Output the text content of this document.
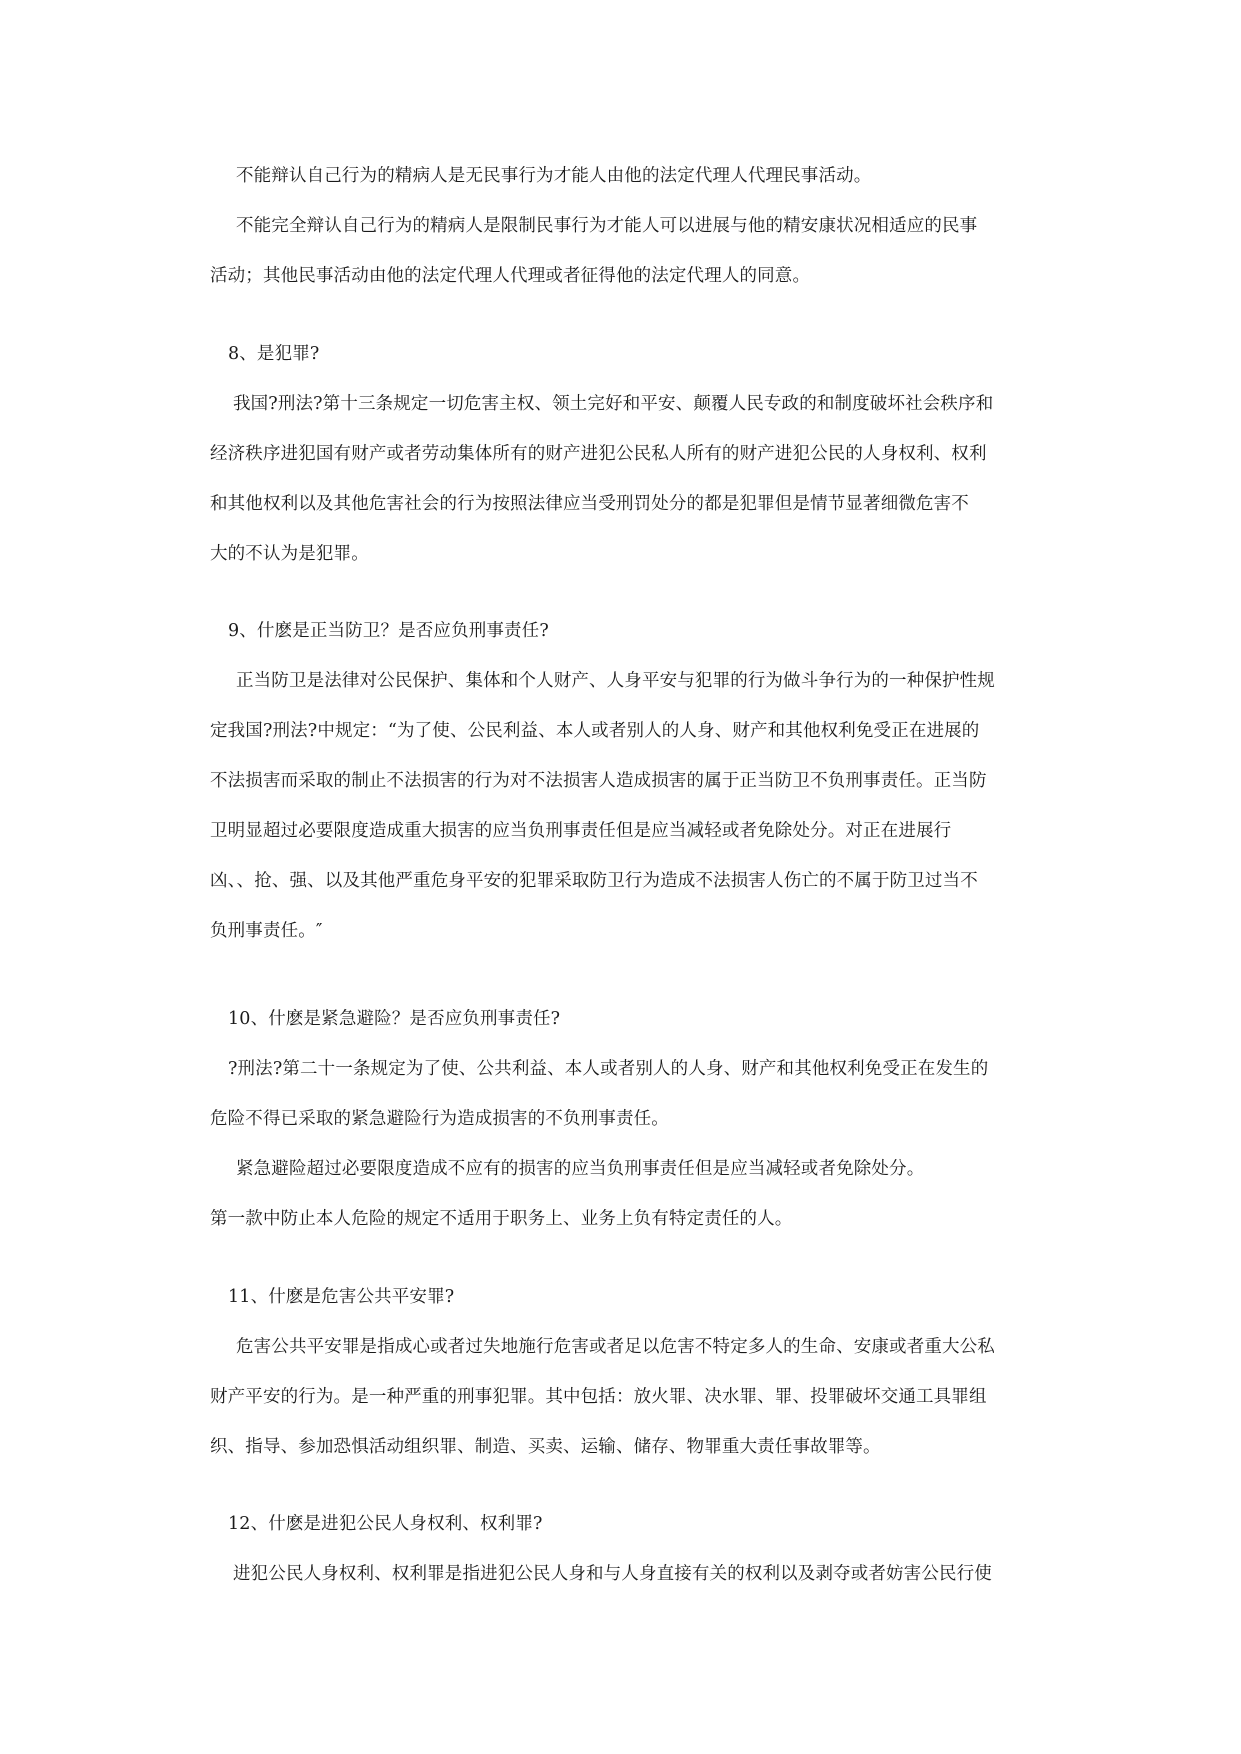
不能辩认自己行为的精病人是无民事行为才能人由他的法定代理人代理民事活动。

不能完全辩认自己行为的精病人是限制民事行为才能人可以进展与他的精安康状况相适应的民事

活动；其他民事活动由他的法定代理人代理或者征得他的法定代理人的同意。

8、是犯罪?

我国?刑法?第十三条规定一切危害主权、领土完好和平安、颠覆人民专政的和制度破坏社会秩序和

经济秩序进犯国有财产或者劳动集体所有的财产进犯公民私人所有的财产进犯公民的人身权利、权利

和其他权利以及其他危害社会的行为按照法律应当受刑罚处分的都是犯罪但是情节显著细微危害不

大的不认为是犯罪。

9、什麽是正当防卫？是否应负刑事责任?

正当防卫是法律对公民保护、集体和个人财产、人身平安与犯罪的行为做斗争行为的一种保护性规

定我国?刑法?中规定：“为了使、公民利益、本人或者别人的人身、财产和其他权利免受正在进展的

不法损害而采取的制止不法损害的行为对不法损害人造成损害的属于正当防卫不负刑事责任。正当防

卫明显超过必要限度造成重大损害的应当负刑事责任但是应当减轻或者免除处分。对正在进展行

凶、、抢、强、以及其他严重危身平安的犯罪采取防卫行为造成不法损害人伤亡的不属于防卫过当不

负刑事责任。″

10、什麽是紧急避险？是否应负刑事责任?

?刑法?第二十一条规定为了使、公共利益、本人或者别人的人身、财产和其他权利免受正在发生的

危险不得已采取的紧急避险行为造成损害的不负刑事责任。

紧急避险超过必要限度造成不应有的损害的应当负刑事责任但是应当减轻或者免除处分。

第一款中防止本人危险的规定不适用于职务上、业务上负有特定责任的人。

11、什麽是危害公共平安罪?

危害公共平安罪是指成心或者过失地施行危害或者足以危害不特定多人的生命、安康或者重大公私

财产平安的行为。是一种严重的刑事犯罪。其中包括：放火罪、决水罪、罪、投罪破坏交通工具罪组

织、指导、参加恐惧活动组织罪、制造、买卖、运输、储存、物罪重大责任事故罪等。

12、什麽是进犯公民人身权利、权利罪?

进犯公民人身权利、权利罪是指进犯公民人身和与人身直接有关的权利以及剥夺或者妨害公民行使
